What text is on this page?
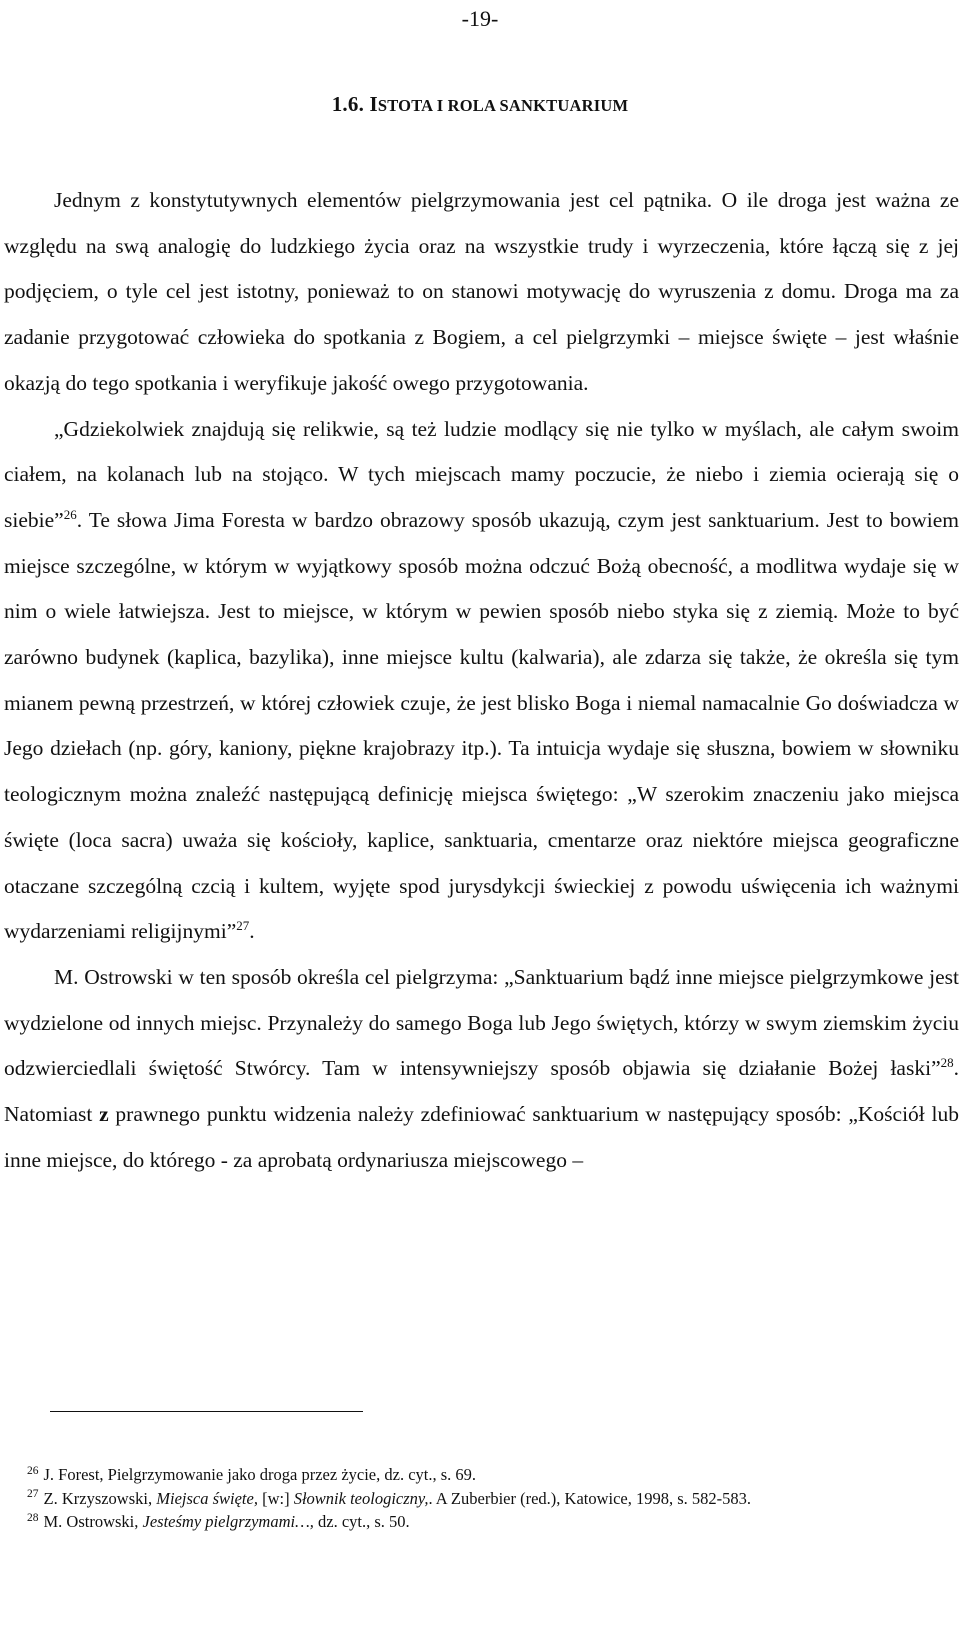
-19-
1.6. ISTOTA I ROLA SANKTUARIUM

Jednym z konstytutywnych elementów pielgrzymowania jest cel pątnika. O ile droga jest ważna ze względu na swą analogię do ludzkiego życia oraz na wszystkie trudy i wyrzeczenia, które łączą się z jej podjęciem, o tyle cel jest istotny, ponieważ to on stanowi motywację do wyruszenia z domu. Droga ma za zadanie przygotować człowieka do spotkania z Bogiem, a cel pielgrzymki – miejsce święte – jest właśnie okazją do tego spotkania i weryfikuje jakość owego przygotowania.

„Gdziekolwiek znajdują się relikwie, są też ludzie modlący się nie tylko w myślach, ale całym swoim ciałem, na kolanach lub na stojąco. W tych miejscach mamy poczucie, że niebo i ziemia ocierają się o siebie”$^{26}$. Te słowa Jima Foresta w bardzo obrazowy sposób ukazują, czym jest sanktuarium. Jest to bowiem miejsce szczególne, w którym w wyjątkowy sposób można odczuć Bożą obecność, a modlitwa wydaje się w nim o wiele łatwiejsza. Jest to miejsce, w którym w pewien sposób niebo styka się z ziemią. Może to być zarówno budynek (kaplica, bazylika), inne miejsce kultu (kalwaria), ale zdarza się także, że określa się tym mianem pewną przestrzeń, w której człowiek czuje, że jest blisko Boga i niemal namacalnie Go doświadcza w Jego dziełach (np. góry, kaniony, piękne krajobrazy itp.). Ta intuicja wydaje się słuszna, bowiem w słowniku teologicznym można znaleźć następującą definicję miejsca świętego: „W szerokim znaczeniu jako miejsca święte (loca sacra) uważa się kościoły, kaplice, sanktuaria, cmentarze oraz niektóre miejsca geograficzne otaczane szczególną czcią i kultem, wyjęte spod jurysdykcji świeckiej z powodu uświęcenia ich ważnymi wydarzeniami religijnymi”$^{27}$.

M. Ostrowski w ten sposób określa cel pielgrzyma: „Sanktuarium bądź inne miejsce pielgrzymkowe jest wydzielone od innych miejsc. Przynależy do samego Boga lub Jego świętych, którzy w swym ziemskim życiu odzwierciedlali świętość Stwórcy. Tam w intensywniejszy sposób objawia się działanie Bożej łaski”$^{28}$. Natomiast z prawnego punktu widzenia należy zdefiniować sanktuarium w następujący sposób: „Kościół lub inne miejsce, do którego - za aprobatą ordynariusza miejscowego –

$^{26}$ J. Forest, Pielgrzymowanie jako droga przez życie, dz. cyt., s. 69.
$^{27}$ Z. Krzyszowski, Miejsca święte, [w:] Słownik teologiczny,. A Zuberbier (red.), Katowice, 1998, s. 582-583.
$^{28}$ M. Ostrowski, Jesteśmy pielgrzymami…, dz. cyt., s. 50.
